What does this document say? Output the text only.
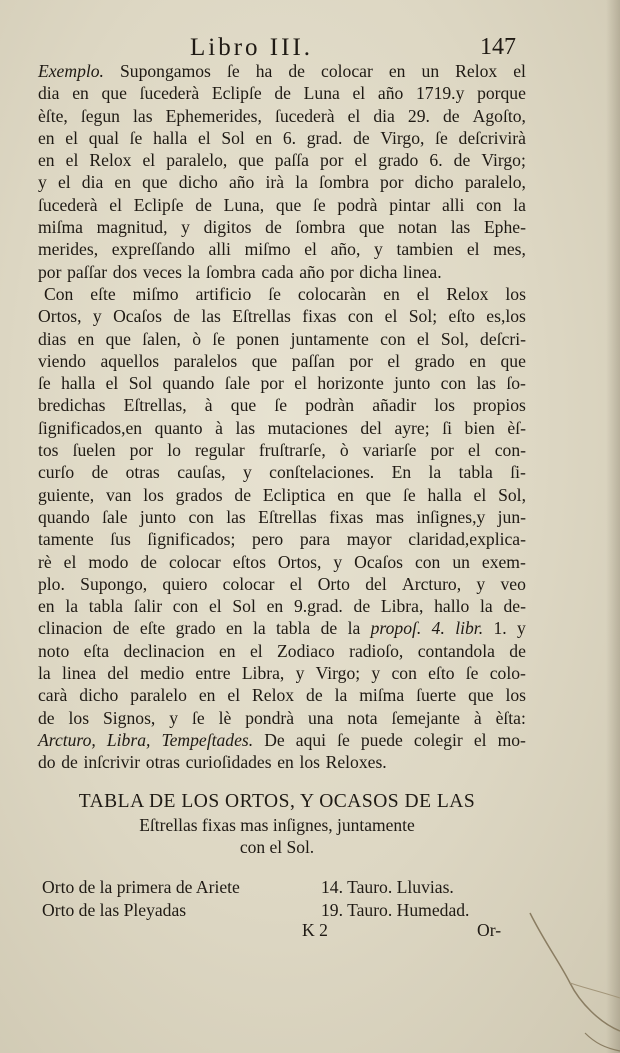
Libro III.	147
Exemplo. Supongamos ſe ha de colocar en un Relox el
dia en que ſucederà Eclipſe de Luna el año 1719.y porque
èſte, ſegun las Ephemerides, ſucederà el dia 29. de Agoſto,
en el qual ſe halla el Sol en 6. grad. de Virgo, ſe deſcrivirà
en el Relox el paralelo, que paſſa por el grado 6. de Virgo;
y el dia en que dicho año irà la ſombra por dicho paralelo,
ſucederà el Eclipſe de Luna, que ſe podrà pintar alli con la
miſma magnitud, y digitos de ſombra que notan las Ephe-
merides, expreſſando alli miſmo el año, y tambien el mes,
por paſſar dos veces la ſombra cada año por dicha linea.
Con eſte miſmo artificio ſe colocaràn en el Relox los
Ortos, y Ocaſos de las Eſtrellas fixas con el Sol; eſto es,los
dias en que ſalen, ò ſe ponen juntamente con el Sol, deſcri-
viendo aquellos paralelos que paſſan por el grado en que
ſe halla el Sol quando ſale por el horizonte junto con las ſo-
bredichas Eſtrellas, à que ſe podràn añadir los propios
ſignificados,en quanto à las mutaciones del ayre; ſi bien èſ-
tos ſuelen por lo regular fruſtrarſe, ò variarſe por el con-
curſo de otras cauſas, y conſtelaciones. En la tabla ſi-
guiente, van los grados de Ecliptica en que ſe halla el Sol,
quando ſale junto con las Eſtrellas fixas mas inſignes,y jun-
tamente ſus ſignificados; pero para mayor claridad,explica-
rè el modo de colocar eſtos Ortos, y Ocaſos con un exem-
plo. Supongo, quiero colocar el Orto del Arcturo, y veo
en la tabla ſalir con el Sol en 9.grad. de Libra, hallo la de-
clinacion de eſte grado en la tabla de la propoſ. 4. libr. 1. y
noto eſta declinacion en el Zodiaco radioſo, contandola de
la linea del medio entre Libra, y Virgo; y con eſto ſe colo-
carà dicho paralelo en el Relox de la miſma ſuerte que los
de los Signos, y ſe lè pondrà una nota ſemejante à èſta:
Arcturo, Libra, Tempeſtades. De aqui ſe puede colegir el mo-
do de inſcrivir otras curioſidades en los Reloxes.
TABLA DE LOS ORTOS, Y OCASOS DE LAS
Eſtrellas fixas mas inſignes, juntamente
con el Sol.
Orto de la primera de Ariete	14. Tauro. Lluvias.
Orto de las Pleyadas	19. Tauro. Humedad.
K 2	Or-
